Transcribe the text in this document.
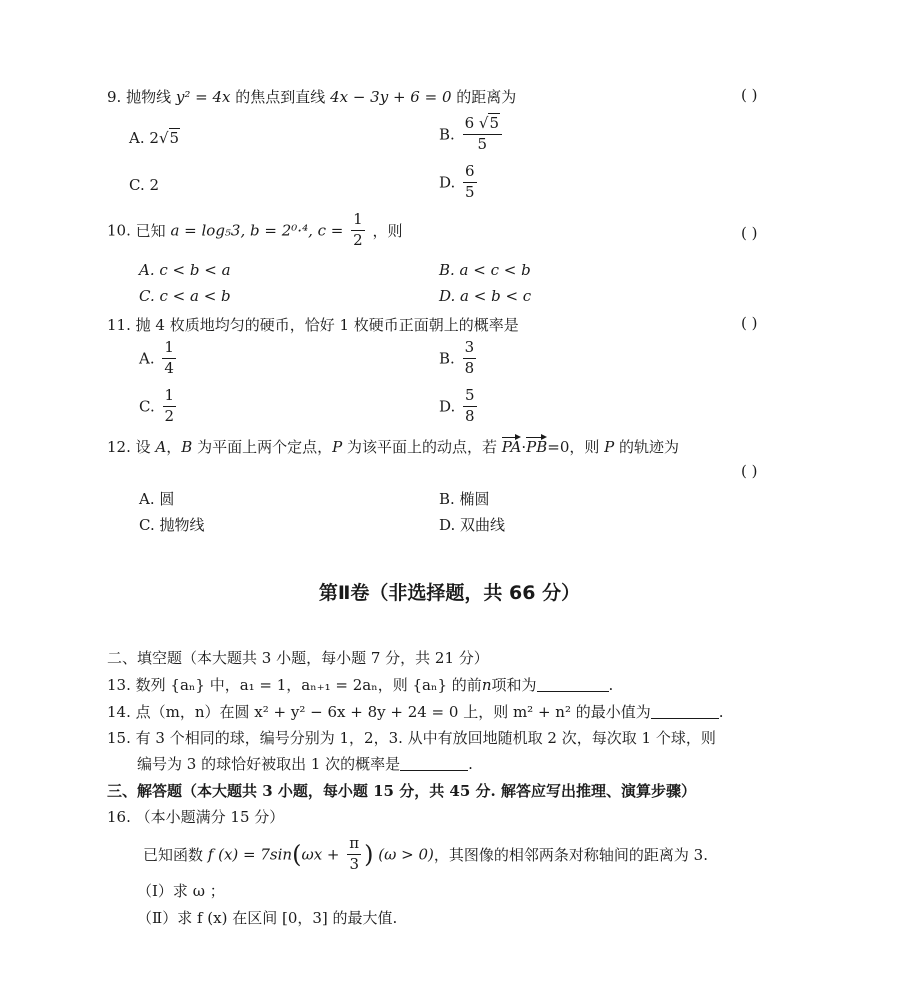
9. 抛物线 y² = 4x 的焦点到直线 4x − 3y + 6 = 0 的距离为	( )
A. 2√5	B. $\frac{6 √5}{5}$
C. 2	D. $\frac{6}{5}$
10. 已知 a = log₅3, b = 2⁰·⁴, $c = \frac{1}{2}$ ，则	( )
A. c < b < a	B. a < c < b
C. c < a < b	D. a < b < c
11. 抛 4 枚质地均匀的硬币，恰好 1 枚硬币正面朝上的概率是	( )
A. $\frac{1}{4}$	B. $\frac{3}{8}$
C. $\frac{1}{2}$	D. $\frac{5}{8}$
12. 设 A，B 为平面上两个定点，P 为该平面上的动点，若 PA·PB=0，则 P 的轨迹为
( )
A. 圆	B. 椭圆
C. 抛物线	D. 双曲线
第Ⅱ卷（非选择题，共 66 分）
二、填空题（本大题共 3 小题，每小题 7 分，共 21 分）
13. 数列 {aₙ} 中，a₁ = 1，aₙ₊₁ = 2aₙ，则 {aₙ} 的前n项和为	.
14. 点（m，n）在圆 x² + y² − 6x + 8y + 24 = 0 上，则 m² + n² 的最小值为	.
15. 有 3 个相同的球，编号分别为 1，2，3. 从中有放回地随机取 2 次，每次取 1 个球，则
编号为 3 的球恰好被取出 1 次的概率是	.
三、解答题（本大题共 3 小题，每小题 15 分，共 45 分. 解答应写出推理、演算步骤）
16. （本小题满分 15 分）
已知函数 f $(x) = 7\sin(\omega x + \frac{\pi}{3}$ ) (ω > 0)，其图像的相邻两条对称轴间的距离为 3.
（Ⅰ）求 ω ；
（Ⅱ）求 f (x) 在区间 [0，3] 的最大值.
